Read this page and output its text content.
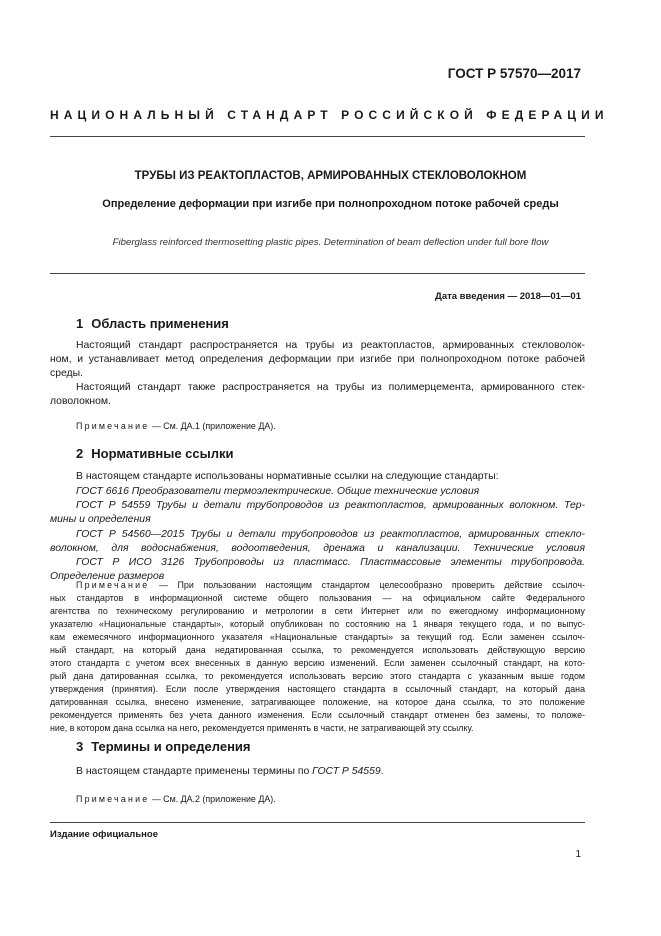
ГОСТ Р 57570—2017
НАЦИОНАЛЬНЫЙ СТАНДАРТ РОССИЙСКОЙ ФЕДЕРАЦИИ
ТРУБЫ ИЗ РЕАКТОПЛАСТОВ, АРМИРОВАННЫХ СТЕКЛОВОЛОКНОМ
Определение деформации при изгибе при полнопроходном потоке рабочей среды
Fiberglass reinforced thermosetting plastic pipes. Determination of beam deflection under full bore flow
Дата введения — 2018—01—01
1 Область применения
Настоящий стандарт распространяется на трубы из реактопластов, армированных стекловолок-
ном, и устанавливает метод определения деформации при изгибе при полнопроходном потоке рабочей
среды.
Настоящий стандарт также распространяется на трубы из полимерцемента, армированного стек-
ловолокном.
Примечание — См. ДА.1 (приложение ДА).
2 Нормативные ссылки
В настоящем стандарте использованы нормативные ссылки на следующие стандарты:
ГОСТ 6616 Преобразователи термоэлектрические. Общие технические условия
ГОСТ Р 54559 Трубы и детали трубопроводов из реактопластов, армированных волокном. Тер-
мины и определения
ГОСТ Р 54560—2015 Трубы и детали трубопроводов из реактопластов, армированных стекло-
волокном, для водоснабжения, водоотведения, дренажа и канализации. Технические условия
ГОСТ Р ИСО 3126 Трубопроводы из пластмасс. Пластмассовые элементы трубопровода.
Определение размеров
Примечание — При пользовании настоящим стандартом целесообразно проверить действие ссылоч-
ных стандартов в информационной системе общего пользования — на официальном сайте Федерального
агентства по техническому регулированию и метрологии в сети Интернет или по ежегодному информационному
указателю «Национальные стандарты», который опубликован по состоянию на 1 января текущего года, и по выпус-
кам ежемесячного информационного указателя «Национальные стандарты» за текущий год. Если заменен ссылоч-
ный стандарт, на который дана недатированная ссылка, то рекомендуется использовать действующую версию
этого стандарта с учетом всех внесенных в данную версию изменений. Если заменен ссылочный стандарт, на кото-
рый дана датированная ссылка, то рекомендуется использовать версию этого стандарта с указанным выше годом
утверждения (принятия). Если после утверждения настоящего стандарта в ссылочный стандарт, на который дана
датированная ссылка, внесено изменение, затрагивающее положение, на которое дана ссылка, то это положение
рекомендуется применять без учета данного изменения. Если ссылочный стандарт отменен без замены, то положе-
ние, в котором дана ссылка на него, рекомендуется применять в части, не затрагивающей эту ссылку.
3 Термины и определения
В настоящем стандарте применены термины по ГОСТ Р 54559.
Примечание — См. ДА.2 (приложение ДА).
Издание официальное
1
